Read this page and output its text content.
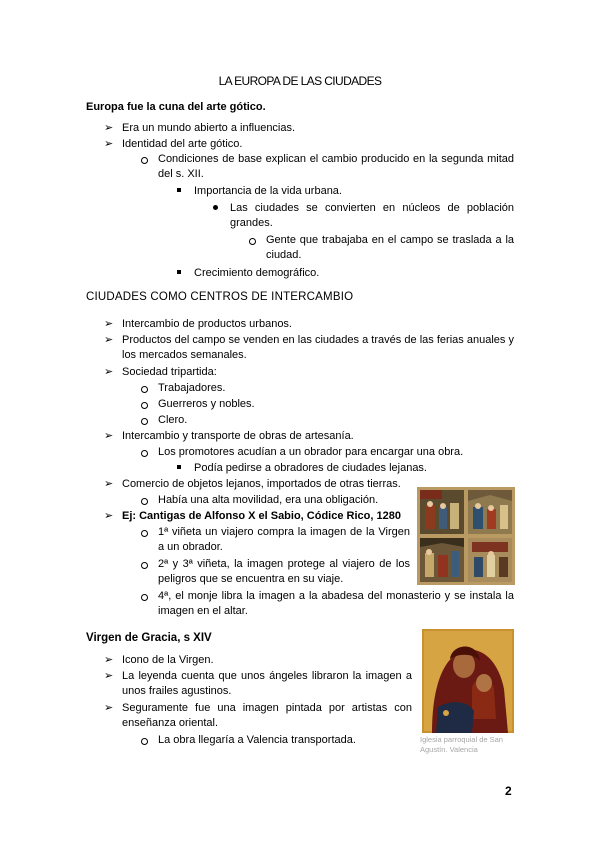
LA EUROPA DE LAS CIUDADES
Europa fue la cuna del arte gótico.
➢ Era un mundo abierto a influencias.
➢ Identidad del arte gótico.
Condiciones de base explican el cambio producido en la segunda mitad del s. XII.
Importancia de la vida urbana.
Las ciudades se convierten en núcleos de población grandes.
Gente que trabajaba en el campo se traslada a la ciudad.
Crecimiento demográfico.
CIUDADES COMO CENTROS DE INTERCAMBIO
➢ Intercambio de productos urbanos.
➢ Productos del campo se venden en las ciudades a través de las ferias anuales y los mercados semanales.
➢ Sociedad tripartida:
Trabajadores.
Guerreros y nobles.
Clero.
➢ Intercambio y transporte de obras de artesanía.
Los promotores acudían a un obrador para encargar una obra.
Podía pedirse a obradores de ciudades lejanas.
➢ Comercio de objetos lejanos, importados de otras tierras.
Había una alta movilidad, era una obligación.
➢ Ej: Cantigas de Alfonso X el Sabio, Códice Rico, 1280
1ª viñeta un viajero compra la imagen de la Virgen a un obrador.
2ª y 3ª viñeta, la imagen protege al viajero de los peligros que se encuentra en su viaje.
4ª, el monje libra la imagen a la abadesa del monasterio y se instala la imagen en el altar.
Virgen de Gracia, s XIV
➢ Icono de la Virgen.
➢ La leyenda cuenta que unos ángeles libraron la imagen a unos frailes agustinos.
➢ Seguramente fue una imagen pintada por artistas con enseñanza oriental.
La obra llegaría a Valencia transportada.	Iglesia parroquial de San Agustín. Valencia
2
